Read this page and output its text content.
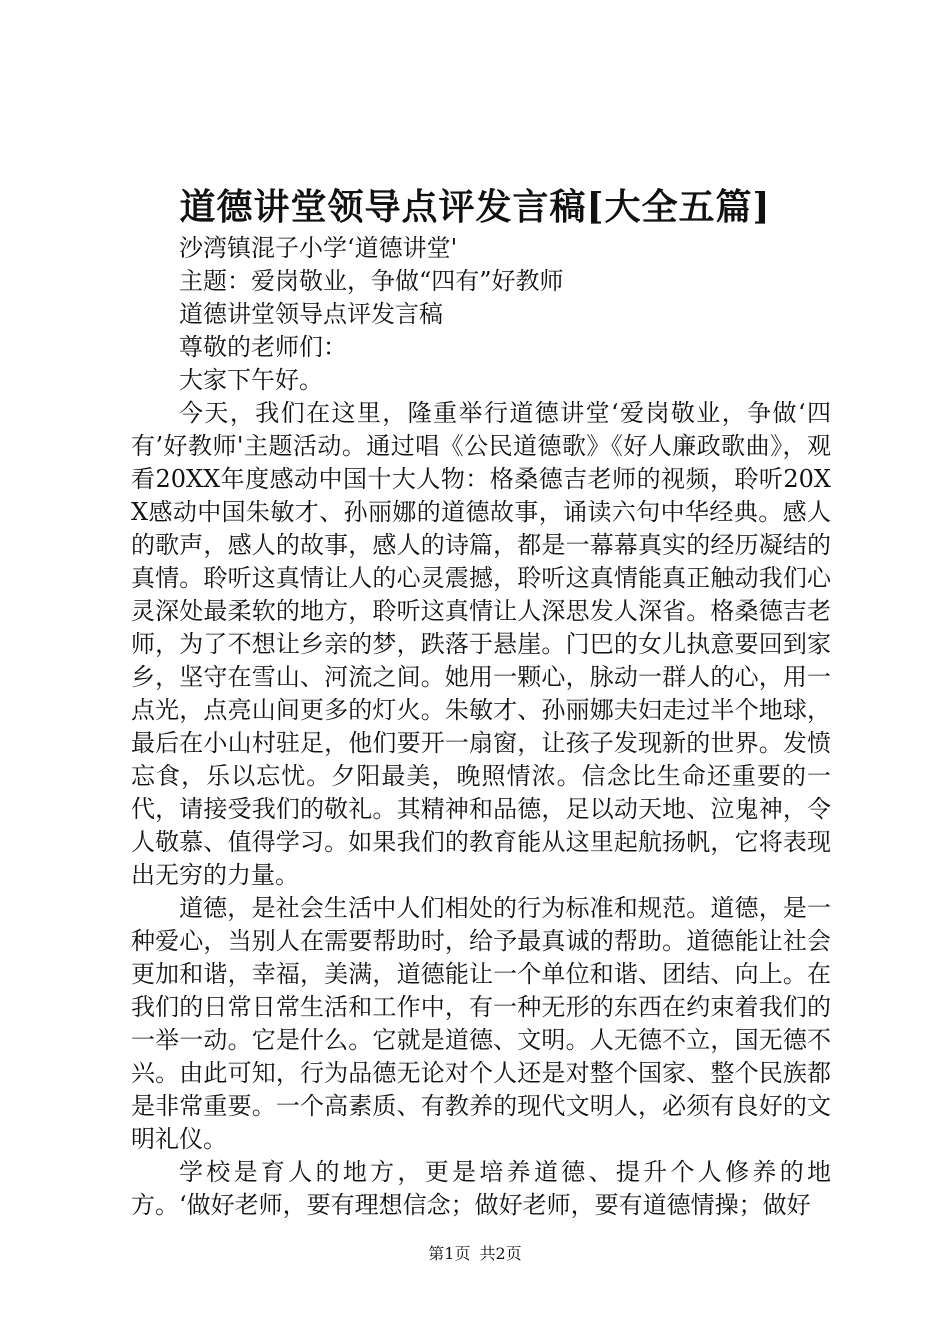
道德讲堂领导点评发言稿[大全五篇]

沙湾镇混子小学‘道德讲堂'

主题：爱岗敬业，争做“四有”好教师

道德讲堂领导点评发言稿

尊敬的老师们：

大家下午好。

今天，我们在这里，隆重举行道德讲堂‘爱岗敬业，争做‘四有’好教师'主题活动。通过唱《公民道德歌》《好人廉政歌曲》，观看20XX年度感动中国十大人物：格桑德吉老师的视频，聆听20XX感动中国朱敏才、孙丽娜的道德故事，诵读六句中华经典。感人的歌声，感人的故事，感人的诗篇，都是一幕幕真实的经历凝结的真情。聆听这真情让人的心灵震撼，聆听这真情能真正触动我们心灵深处最柔软的地方，聆听这真情让人深思发人深省。格桑德吉老师，为了不想让乡亲的梦，跌落于悬崖。门巴的女儿执意要回到家乡，坚守在雪山、河流之间。她用一颗心，脉动一群人的心，用一点光，点亮山间更多的灯火。朱敏才、孙丽娜夫妇走过半个地球，最后在小山村驻足，他们要开一扇窗，让孩子发现新的世界。发愤忘食，乐以忘忧。夕阳最美，晚照情浓。信念比生命还重要的一代，请接受我们的敬礼。其精神和品德，足以动天地、泣鬼神，令人敬慕、值得学习。如果我们的教育能从这里起航扬帆，它将表现出无穷的力量。

道德，是社会生活中人们相处的行为标准和规范。道德，是一种爱心，当别人在需要帮助时，给予最真诚的帮助。道德能让社会更加和谐，幸福，美满，道德能让一个单位和谐、团结、向上。在我们的日常日常生活和工作中，有一种无形的东西在约束着我们的一举一动。它是什么。它就是道德、文明。人无德不立，国无德不兴。由此可知，行为品德无论对个人还是对整个国家、整个民族都是非常重要。一个高素质、有教养的现代文明人，必须有良好的文明礼仪。

学校是育人的地方，更是培养道德、提升个人修养的地方。‘做好老师，要有理想信念；做好老师，要有道德情操；做好

第1页 共2页
